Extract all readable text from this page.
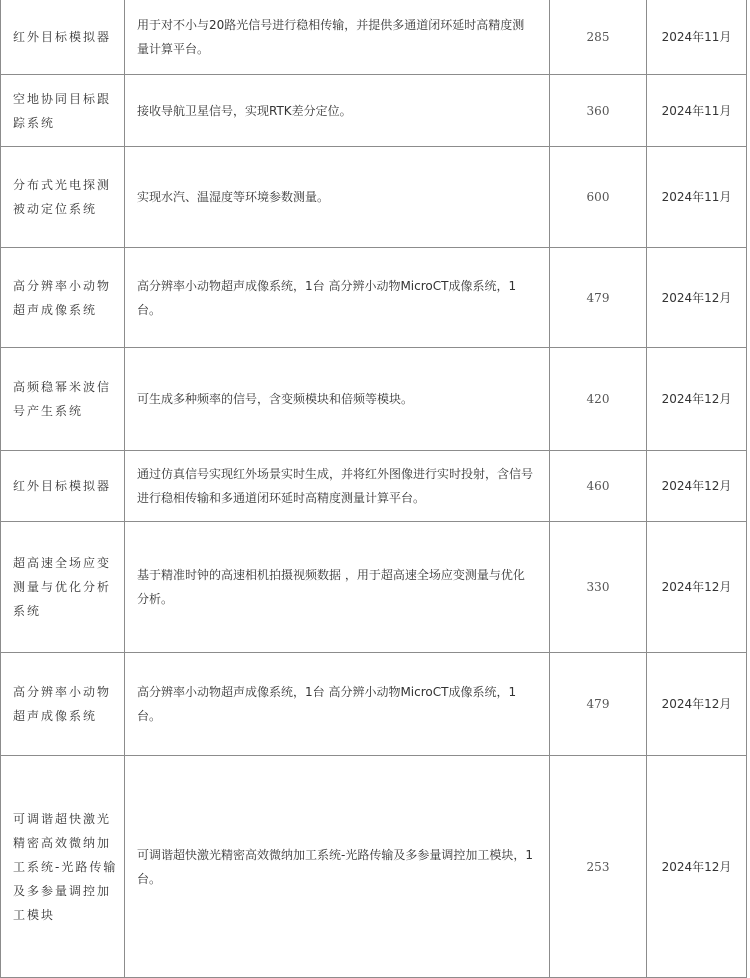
红外目标模拟器	用于对不小与20路光信号进行稳相传输，并提供多通道闭环延时高精度测量计算平台。	285	2024年11月
空地协同目标跟踪系统	接收导航卫星信号，实现RTK差分定位。	360	2024年11月
分布式光电探测被动定位系统	实现水汽、温湿度等环境参数测量。	600	2024年11月
高分辨率小动物超声成像系统	高分辨率小动物超声成像系统，1台 高分辨小动物MicroCT成像系统，1台。	479	2024年12月
高频稳幂米波信号产生系统	可生成多种频率的信号，含变频模块和倍频等模块。	420	2024年12月
红外目标模拟器	通过仿真信号实现红外场景实时生成，并将红外图像进行实时投射，含信号进行稳相传输和多通道闭环延时高精度测量计算平台。	460	2024年12月
超高速全场应变测量与优化分析系统	基于精准时钟的高速相机拍摄视频数据 ，用于超高速全场应变测量与优化分析。	330	2024年12月
高分辨率小动物超声成像系统	高分辨率小动物超声成像系统，1台 高分辨小动物MicroCT成像系统，1台。	479	2024年12月
可调谐超快激光精密高效微纳加工系统-光路传输及多参量调控加工模块	可调谐超快激光精密高效微纳加工系统-光路传输及多参量调控加工模块，1台。	253	2024年12月
